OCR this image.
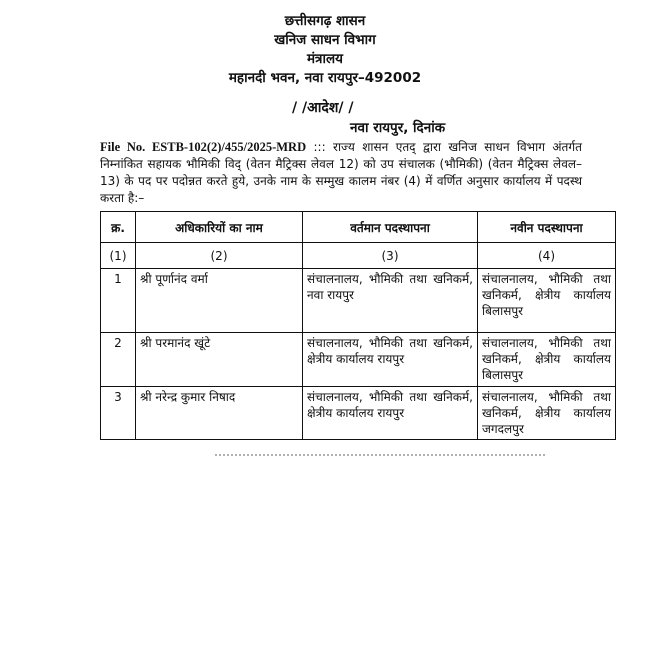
छत्तीसगढ़ शासन
खनिज साधन विभाग
मंत्रालय
महानदी भवन, नवा रायपुर–492002
/ /आदेश/ /
नवा रायपुर, दिनांक
File No. ESTB-102(2)/455/2025-MRD ::: राज्य शासन एतद् द्वारा खनिज साधन विभाग अंतर्गत निम्नांकित सहायक भौमिकी विद् (वेतन मैट्रिक्स लेवल 12) को उप संचालक (भौमिकी) (वेतन मैट्रिक्स लेवल–13) के पद पर पदोन्नत करते हुये, उनके नाम के सम्मुख कालम नंबर (4) में वर्णित अनुसार कार्यालय में पदस्थ करता है:–
क्र.	अधिकारियों का नाम	वर्तमान पदस्थापना	नवीन पदस्थापना
(1)	(2)	(3)	(4)
1	श्री पूर्णानंद वर्मा	संचालनालय, भौमिकी तथा खनिकर्म, नवा रायपुर	संचालनालय, भौमिकी तथा खनिकर्म, क्षेत्रीय कार्यालय बिलासपुर
2	श्री परमानंद खूंटे	संचालनालय, भौमिकी तथा खनिकर्म, क्षेत्रीय कार्यालय रायपुर	संचालनालय, भौमिकी तथा खनिकर्म, क्षेत्रीय कार्यालय बिलासपुर
3	श्री नरेन्द्र कुमार निषाद	संचालनालय, भौमिकी तथा खनिकर्म, क्षेत्रीय कार्यालय रायपुर	संचालनालय, भौमिकी तथा खनिकर्म, क्षेत्रीय कार्यालय जगदलपुर
